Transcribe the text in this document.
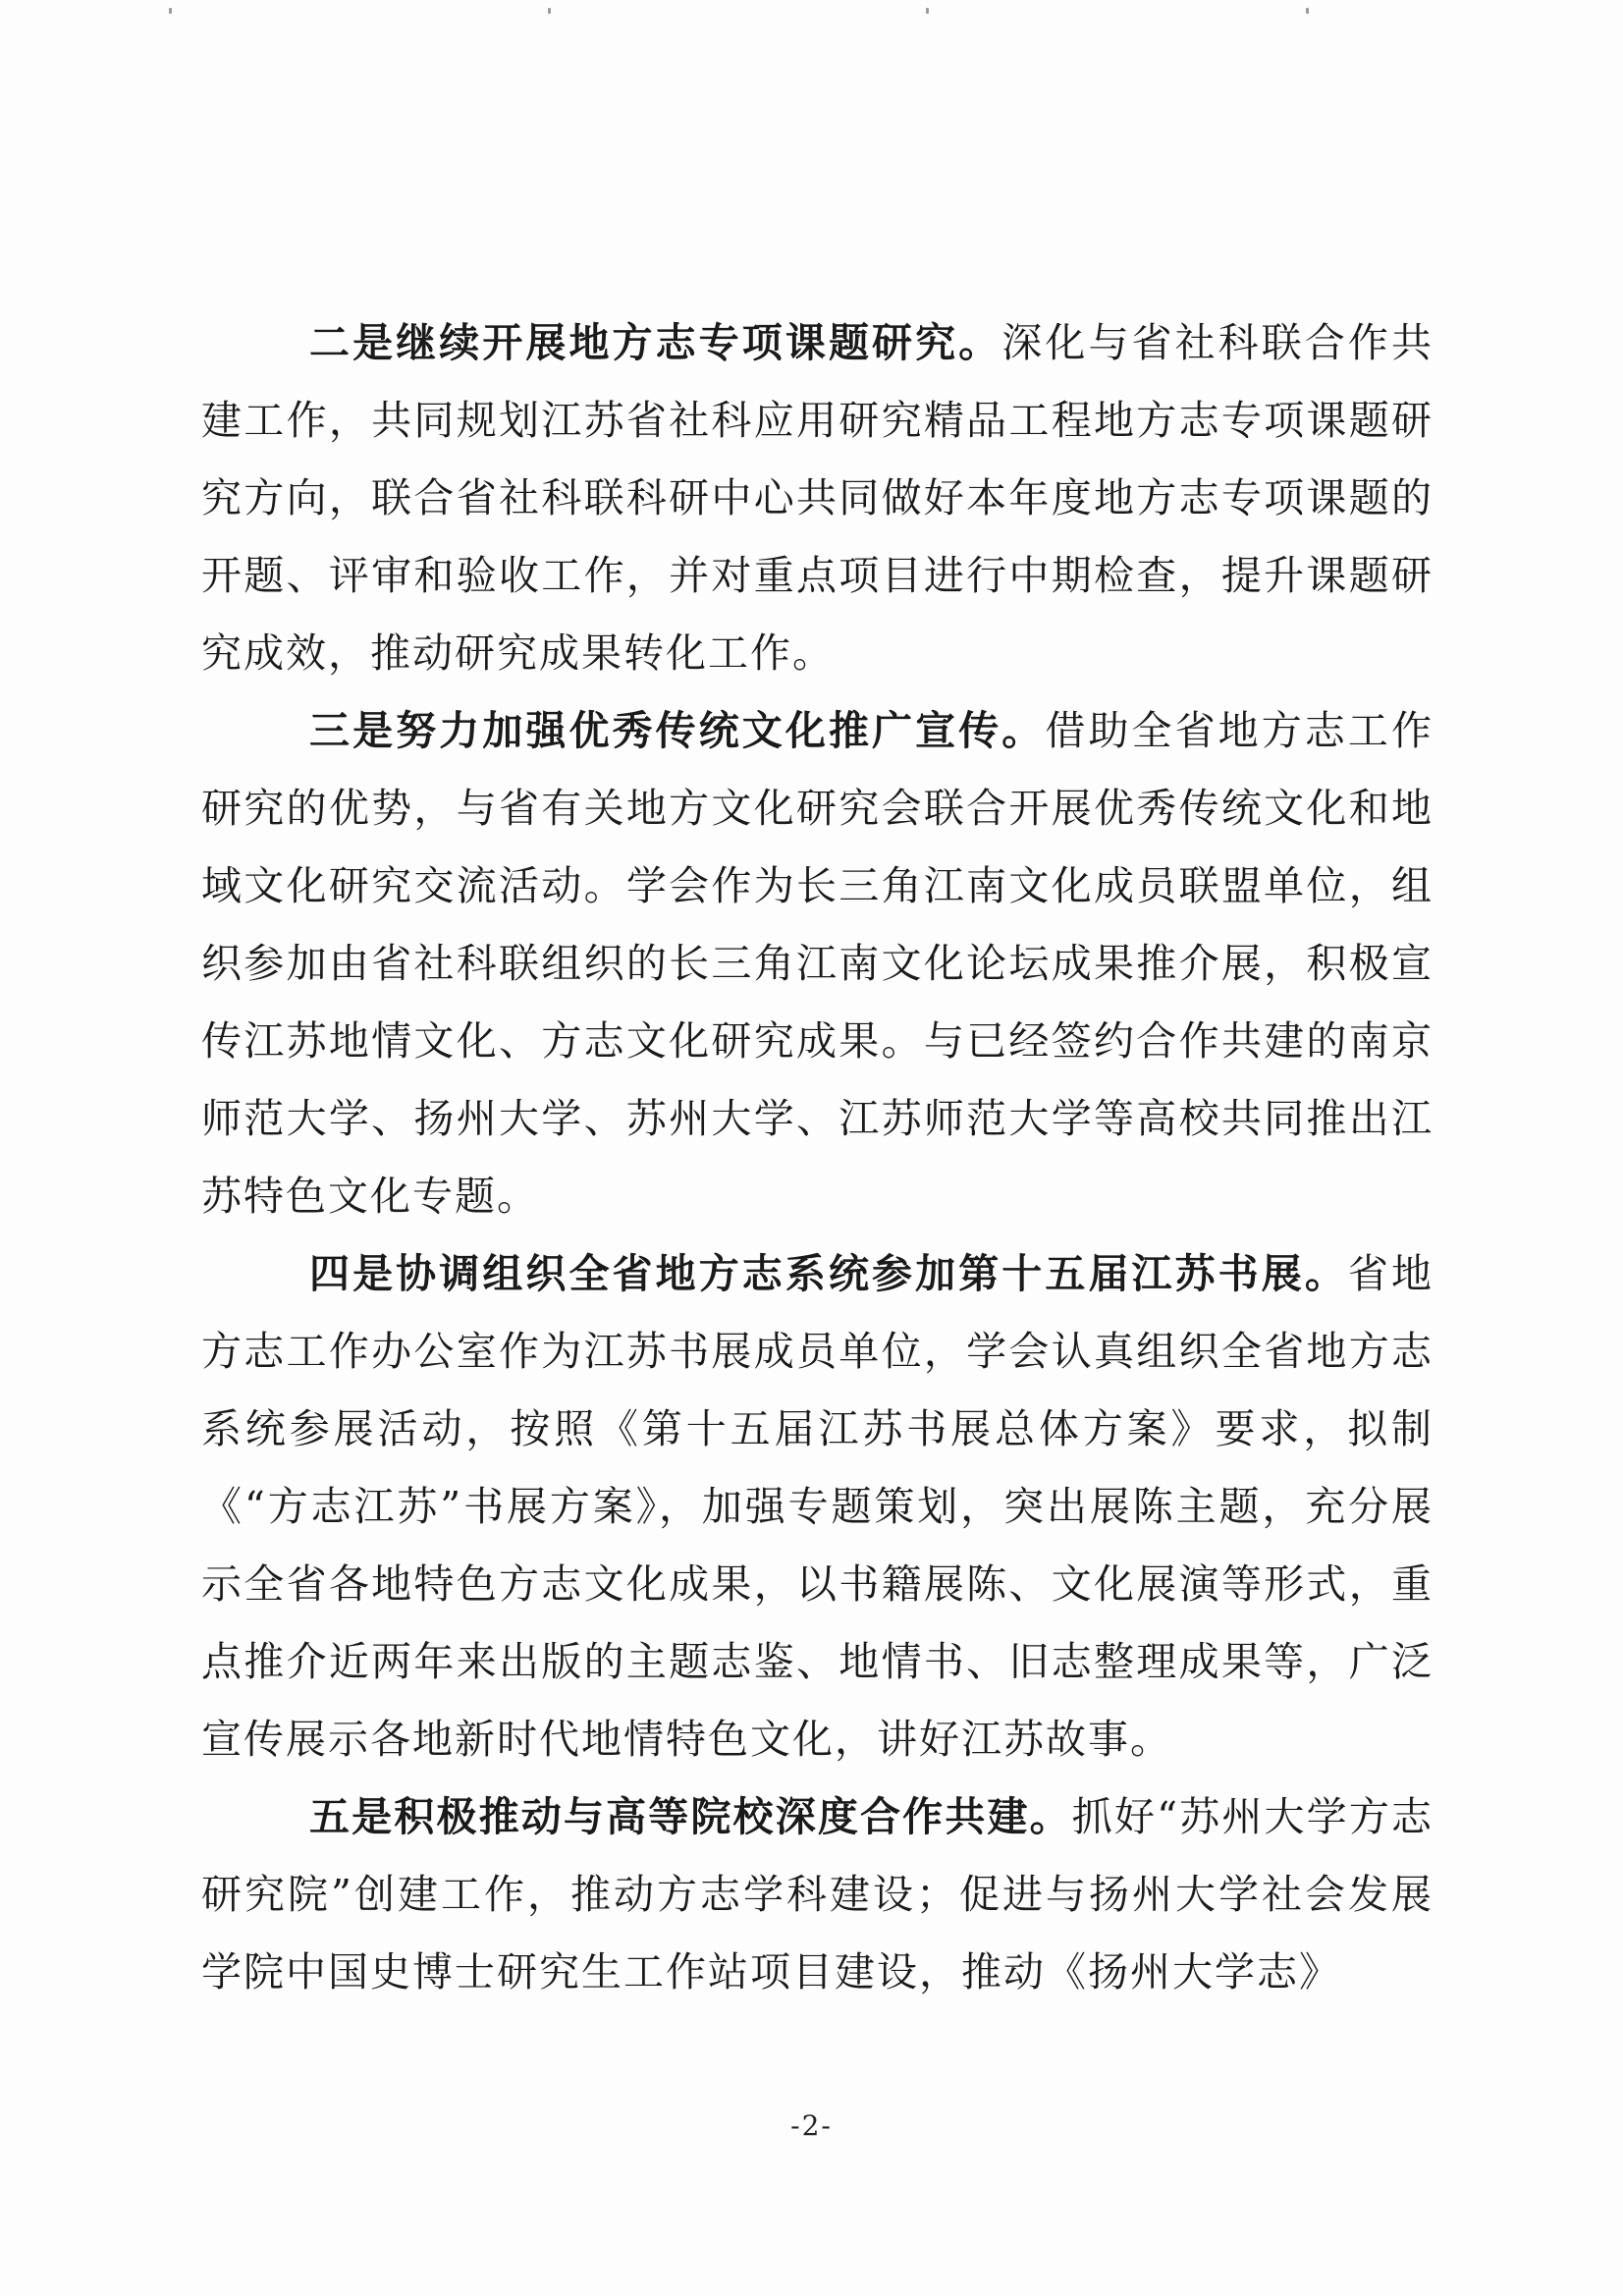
二是继续开展地方志专项课题研究。深化与省社科联合作共建工作，共同规划江苏省社科应用研究精品工程地方志专项课题研究方向，联合省社科联科研中心共同做好本年度地方志专项课题的开题、评审和验收工作，并对重点项目进行中期检查，提升课题研究成效，推动研究成果转化工作。

三是努力加强优秀传统文化推广宣传。借助全省地方志工作研究的优势，与省有关地方文化研究会联合开展优秀传统文化和地域文化研究交流活动。学会作为长三角江南文化成员联盟单位，组织参加由省社科联组织的长三角江南文化论坛成果推介展，积极宣传江苏地情文化、方志文化研究成果。与已经签约合作共建的南京师范大学、扬州大学、苏州大学、江苏师范大学等高校共同推出江苏特色文化专题。

四是协调组织全省地方志系统参加第十五届江苏书展。省地方志工作办公室作为江苏书展成员单位，学会认真组织全省地方志系统参展活动，按照《第十五届江苏书展总体方案》要求，拟制《“方志江苏”书展方案》，加强专题策划，突出展陈主题，充分展示全省各地特色方志文化成果，以书籍展陈、文化展演等形式，重点推介近两年来出版的主题志鉴、地情书、旧志整理成果等，广泛宣传展示各地新时代地情特色文化，讲好江苏故事。

五是积极推动与高等院校深度合作共建。抓好“苏州大学方志研究院”创建工作，推动方志学科建设；促进与扬州大学社会发展学院中国史博士研究生工作站项目建设，推动《扬州大学志》

-2-
